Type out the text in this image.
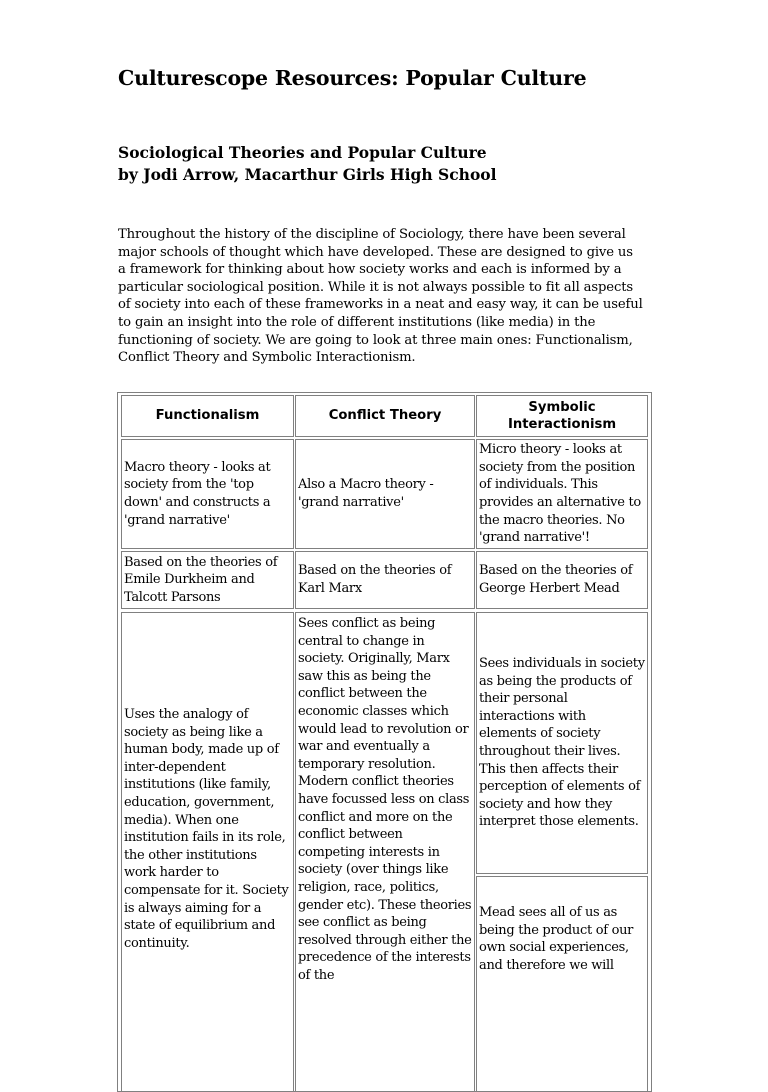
Culturescope Resources: Popular Culture
Sociological Theories and Popular Culture
by Jodi Arrow, Macarthur Girls High School
Throughout the history of the discipline of Sociology, there have been several
major schools of thought which have developed. These are designed to give us
a framework for thinking about how society works and each is informed by a
particular sociological position. While it is not always possible to fit all aspects
of society into each of these frameworks in a neat and easy way, it can be useful
to gain an insight into the role of different institutions (like media) in the
functioning of society. We are going to look at three main ones: Functionalism,
Conflict Theory and Symbolic Interactionism.
Functionalism	Conflict Theory
Symbolic Interactionism
Macro theory - looks at society from the 'top down' and constructs a 'grand narrative'
Also a Macro theory - 'grand narrative'
Micro theory - looks at society from the position of individuals. This provides an alternative to the macro theories. No 'grand narrative'!
Based on the theories of Emile Durkheim and Talcott Parsons
Based on the theories of Karl Marx
Based on the theories of George Herbert Mead
Uses the analogy of society as being like a human body, made up of inter-dependent institutions (like family, education, government, media). When one institution fails in its role, the other institutions work harder to compensate for it. Society is always aiming for a state of equilibrium and continuity.
Sees conflict as being central to change in society. Originally, Marx saw this as being the conflict between the economic classes which would lead to revolution or war and eventually a temporary resolution. Modern conflict theories have focussed less on class conflict and more on the conflict between competing interests in society (over things like religion, race, politics, gender etc). These theories see conflict as being resolved through either the precedence of the interests of the
Sees individuals in society as being the products of their personal interactions with elements of society throughout their lives. This then affects their perception of elements of society and how they interpret those elements.
Mead sees all of us as being the product of our own social experiences, and therefore we will
